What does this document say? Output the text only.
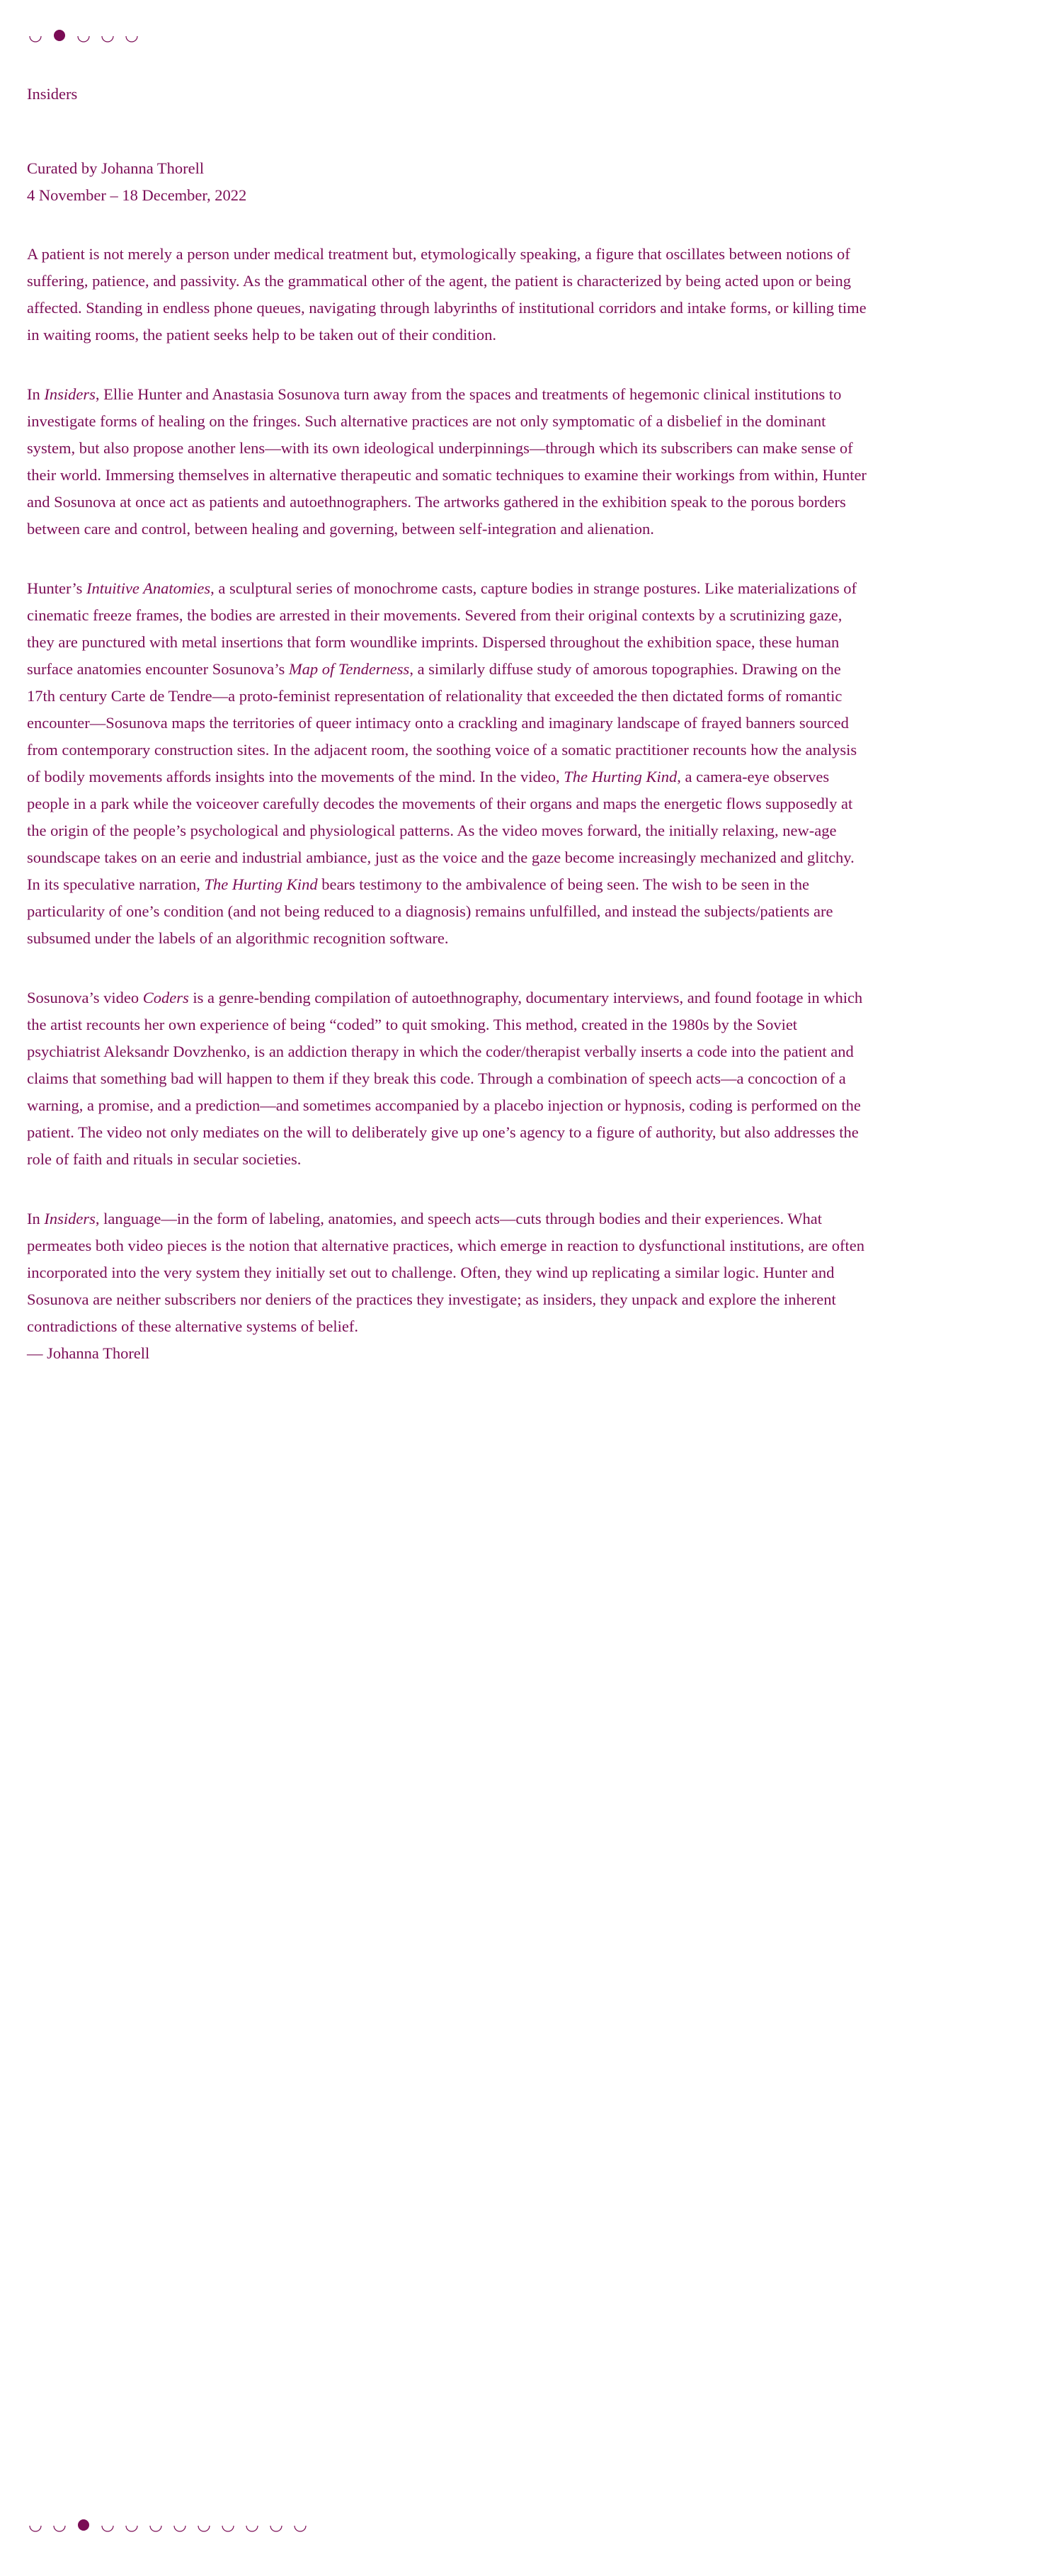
Insiders
Curated by Johanna Thorell
4 November – 18 December, 2022

A patient is not merely a person under medical treatment but, etymologically speaking, a figure that oscillates between notions of suffering, patience, and passivity. As the grammatical other of the agent, the patient is characterized by being acted upon or being affected. Standing in endless phone queues, navigating through labyrinths of institutional corridors and intake forms, or killing time in waiting rooms, the patient seeks help to be taken out of their condition.

In Insiders, Ellie Hunter and Anastasia Sosunova turn away from the spaces and treatments of hegemonic clinical institutions to investigate forms of healing on the fringes. Such alternative practices are not only symptomatic of a disbelief in the dominant system, but also propose another lens—with its own ideological underpinnings—through which its subscribers can make sense of their world. Immersing themselves in alternative therapeutic and somatic techniques to examine their workings from within, Hunter and Sosunova at once act as patients and autoethnographers. The artworks gathered in the exhibition speak to the porous borders between care and control, between healing and governing, between self-integration and alienation.

Hunter’s Intuitive Anatomies, a sculptural series of monochrome casts, capture bodies in strange postures. Like materializations of cinematic freeze frames, the bodies are arrested in their movements. Severed from their original contexts by a scrutinizing gaze, they are punctured with metal insertions that form woundlike imprints. Dispersed throughout the exhibition space, these human surface anatomies encounter Sosunova’s Map of Tenderness, a similarly diffuse study of amorous topographies. Drawing on the 17th century Carte de Tendre—a proto-feminist representation of relationality that exceeded the then dictated forms of romantic encounter—Sosunova maps the territories of queer intimacy onto a crackling and imaginary landscape of frayed banners sourced from contemporary construction sites. In the adjacent room, the soothing voice of a somatic practitioner recounts how the analysis of bodily movements affords insights into the movements of the mind. In the video, The Hurting Kind, a camera-eye observes people in a park while the voiceover carefully decodes the movements of their organs and maps the energetic flows supposedly at the origin of the people’s psychological and physiological patterns. As the video moves forward, the initially relaxing, new-age soundscape takes on an eerie and industrial ambiance, just as the voice and the gaze become increasingly mechanized and glitchy. In its speculative narration, The Hurting Kind bears testimony to the ambivalence of being seen. The wish to be seen in the particularity of one’s condition (and not being reduced to a diagnosis) remains unfulfilled, and instead the subjects/patients are subsumed under the labels of an algorithmic recognition software.

Sosunova’s video Coders is a genre-bending compilation of autoethnography, documentary interviews, and found footage in which the artist recounts her own experience of being “coded” to quit smoking. This method, created in the 1980s by the Soviet psychiatrist Aleksandr Dovzhenko, is an addiction therapy in which the coder/therapist verbally inserts a code into the patient and claims that something bad will happen to them if they break this code. Through a combination of speech acts—a concoction of a warning, a promise, and a prediction—and sometimes accompanied by a placebo injection or hypnosis, coding is performed on the patient. The video not only mediates on the will to deliberately give up one’s agency to a figure of authority, but also addresses the role of faith and rituals in secular societies.

In Insiders, language—in the form of labeling, anatomies, and speech acts—cuts through bodies and their experiences. What permeates both video pieces is the notion that alternative practices, which emerge in reaction to dysfunctional institutions, are often incorporated into the very system they initially set out to challenge. Often, they wind up replicating a similar logic. Hunter and Sosunova are neither subscribers nor deniers of the practices they investigate; as insiders, they unpack and explore the inherent contradictions of these alternative systems of belief.

— Johanna Thorell
